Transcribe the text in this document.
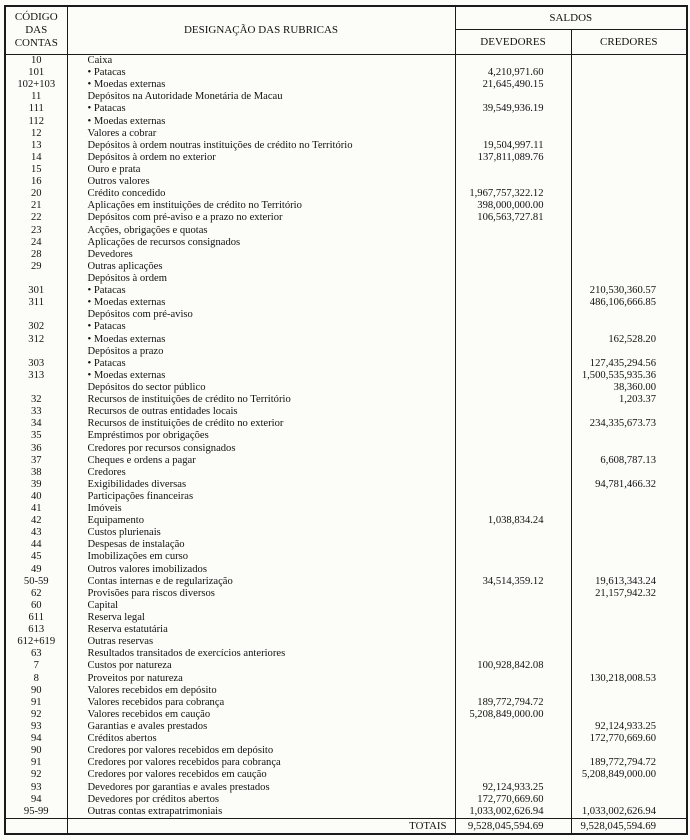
CÓDIGO DAS CONTAS	DESIGNAÇÃO DAS RUBRICAS	SALDOS	
		DEVEDORES	CREDORES
10	Caixa		
101	• Patacas	4,210,971.60	
102+103	• Moedas externas	21,645,490.15	
11	Depósitos na Autoridade Monetária de Macau		
111	• Patacas	39,549,936.19	
112	• Moedas externas		
12	Valores a cobrar		
13	Depósitos à ordem noutras instituições de crédito no Território	19,504,997.11	
14	Depósitos à ordem no exterior	137,811,089.76	
15	Ouro e prata		
16	Outros valores		
20	Crédito concedido	1,967,757,322.12	
21	Aplicações em instituições de crédito no Território	398,000,000.00	
22	Depósitos com pré-aviso e a prazo no exterior	106,563,727.81	
23	Acções, obrigações e quotas		
24	Aplicações de recursos consignados		
28	Devedores		
29	Outras aplicações		
	Depósitos à ordem		
301	• Patacas		210,530,360.57
311	• Moedas externas		486,106,666.85
	Depósitos com pré-aviso		
302	• Patacas		
312	• Moedas externas		162,528.20
	Depósitos a prazo		
303	• Patacas		127,435,294.56
313	• Moedas externas		1,500,535,935.36
	Depósitos do sector público		38,360.00
32	Recursos de instituições de crédito no Território		1,203.37
33	Recursos de outras entidades locais		
34	Recursos de instituições de crédito no exterior		234,335,673.73
35	Empréstimos por obrigações		
36	Credores por recursos consignados		
37	Cheques e ordens a pagar		6,608,787.13
38	Credores		
39	Exigibilidades diversas		94,781,466.32
40	Participações financeiras		
41	Imóveis		
42	Equipamento	1,038,834.24	
43	Custos plurienais		
44	Despesas de instalação		
45	Imobilizações em curso		
49	Outros valores imobilizados		
50-59	Contas internas e de regularização	34,514,359.12	19,613,343.24
62	Provisões para riscos diversos		21,157,942.32
60	Capital		
611	Reserva legal		
613	Reserva estatutária		
612+619	Outras reservas		
63	Resultados transitados de exercícios anteriores		
7	Custos por natureza	100,928,842.08	
8	Proveitos por natureza		130,218,008.53
90	Valores recebidos em depósito		
91	Valores recebidos para cobrança	189,772,794.72	
92	Valores recebidos em caução	5,208,849,000.00	
93	Garantias e avales prestados		92,124,933.25
94	Créditos abertos		172,770,669.60
90	Credores por valores recebidos em depósito		
91	Credores por valores recebidos para cobrança		189,772,794.72
92	Credores por valores recebidos em caução		5,208,849,000.00
93	Devedores por garantias e avales prestados	92,124,933.25	
94	Devedores por créditos abertos	172,770,669.60	
95-99	Outras contas extrapatrimoniais	1,033,002,626.94	1,033,002,626.94
	TOTAIS	9,528,045,594.69	9,528,045,594.69
